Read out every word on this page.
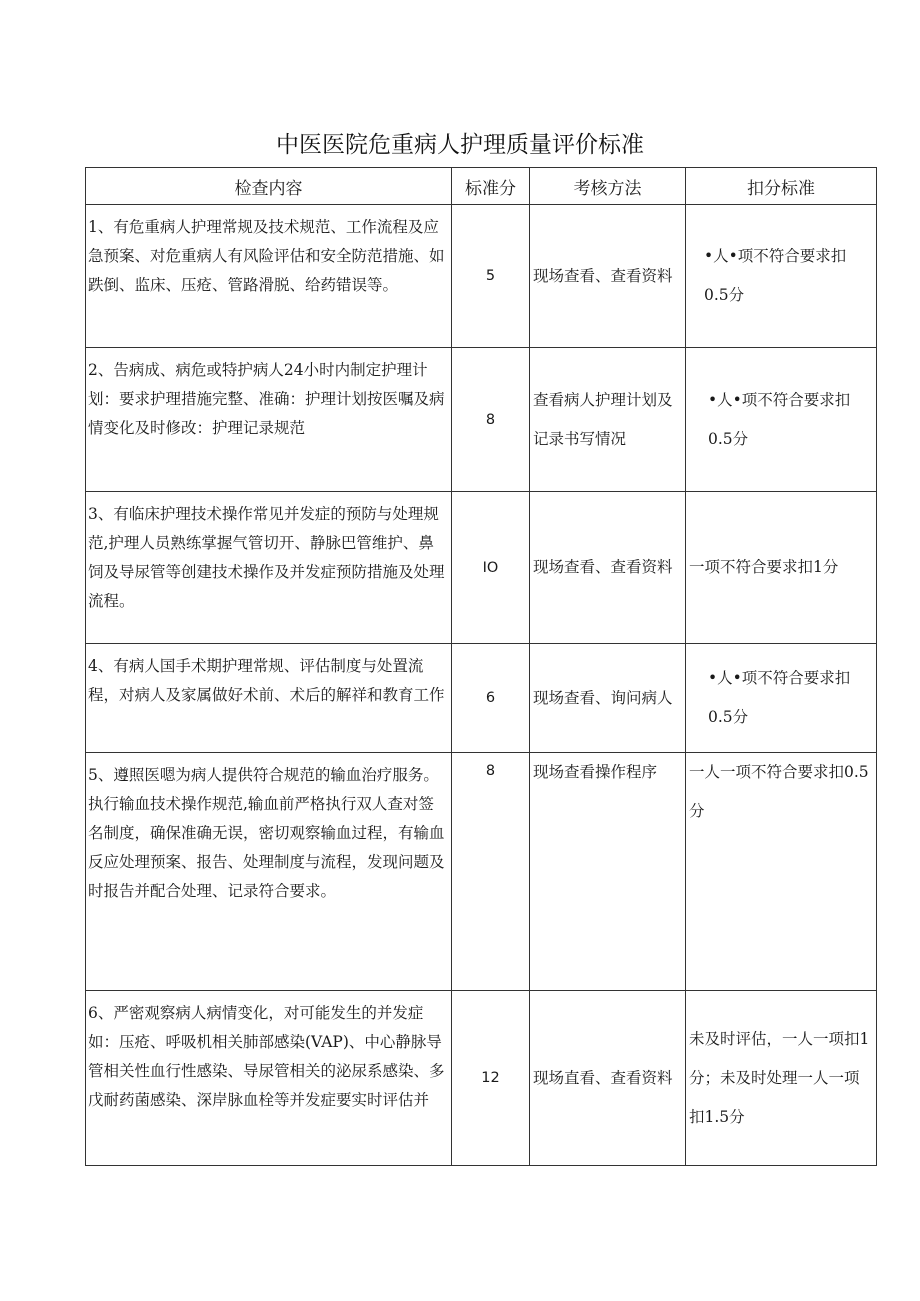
中医医院危重病人护理质量评价标准
检查内容	标准分	考核方法	扣分标准
1、有危重病人护理常规及技术规范、工作流程及应急预案、对危重病人有风险评估和安全防范措施、如跌倒、监床、压疮、管路滑脱、给药错误等。	5	现场查看、查看资料	•人•项不符合要求扣0.5分
2、告病成、病危或特护病人24小时内制定护理计划：要求护理措施完整、准确：护理计划按医嘱及病情变化及时修改：护理记录规范	8	查看病人护理计划及记录书写情况	•人•项不符合要求扣0.5分
3、有临床护理技术操作常见并发症的预防与处理规范,护理人员熟练掌握气管切开、静脉巴管维护、鼻饲及导尿管等创建技术操作及并发症预防措施及处理流程。	IO	现场查看、查看资料	一项不符合要求扣1分
4、有病人国手术期护理常规、评估制度与处置流程，对病人及家属做好术前、术后的解祥和教育工作	6	现场查看、询问病人	•人•项不符合要求扣0.5分
5、遵照医嗯为病人提供符合规范的输血治疗服务。执行输血技术操作规范,输血前严格执行双人查对签名制度，确保准确无误，密切观察输血过程，有输血反应处理预案、报告、处理制度与流程，发现问题及时报告并配合处理、记录符合要求。	8	现场查看操作程序	一人一项不符合要求扣0.5分
6、严密观察病人病情变化，对可能发生的并发症如：压疮、呼吸机相关肺部感染(VAP)、中心静脉导管相关性血行性感染、导尿管相关的泌尿系感染、多戊耐药菌感染、深岸脉血栓等并发症要实时评估并	12	现场直看、查看资料	未及时评估，一人一项扣1分；未及时处理一人一项扣1.5分
